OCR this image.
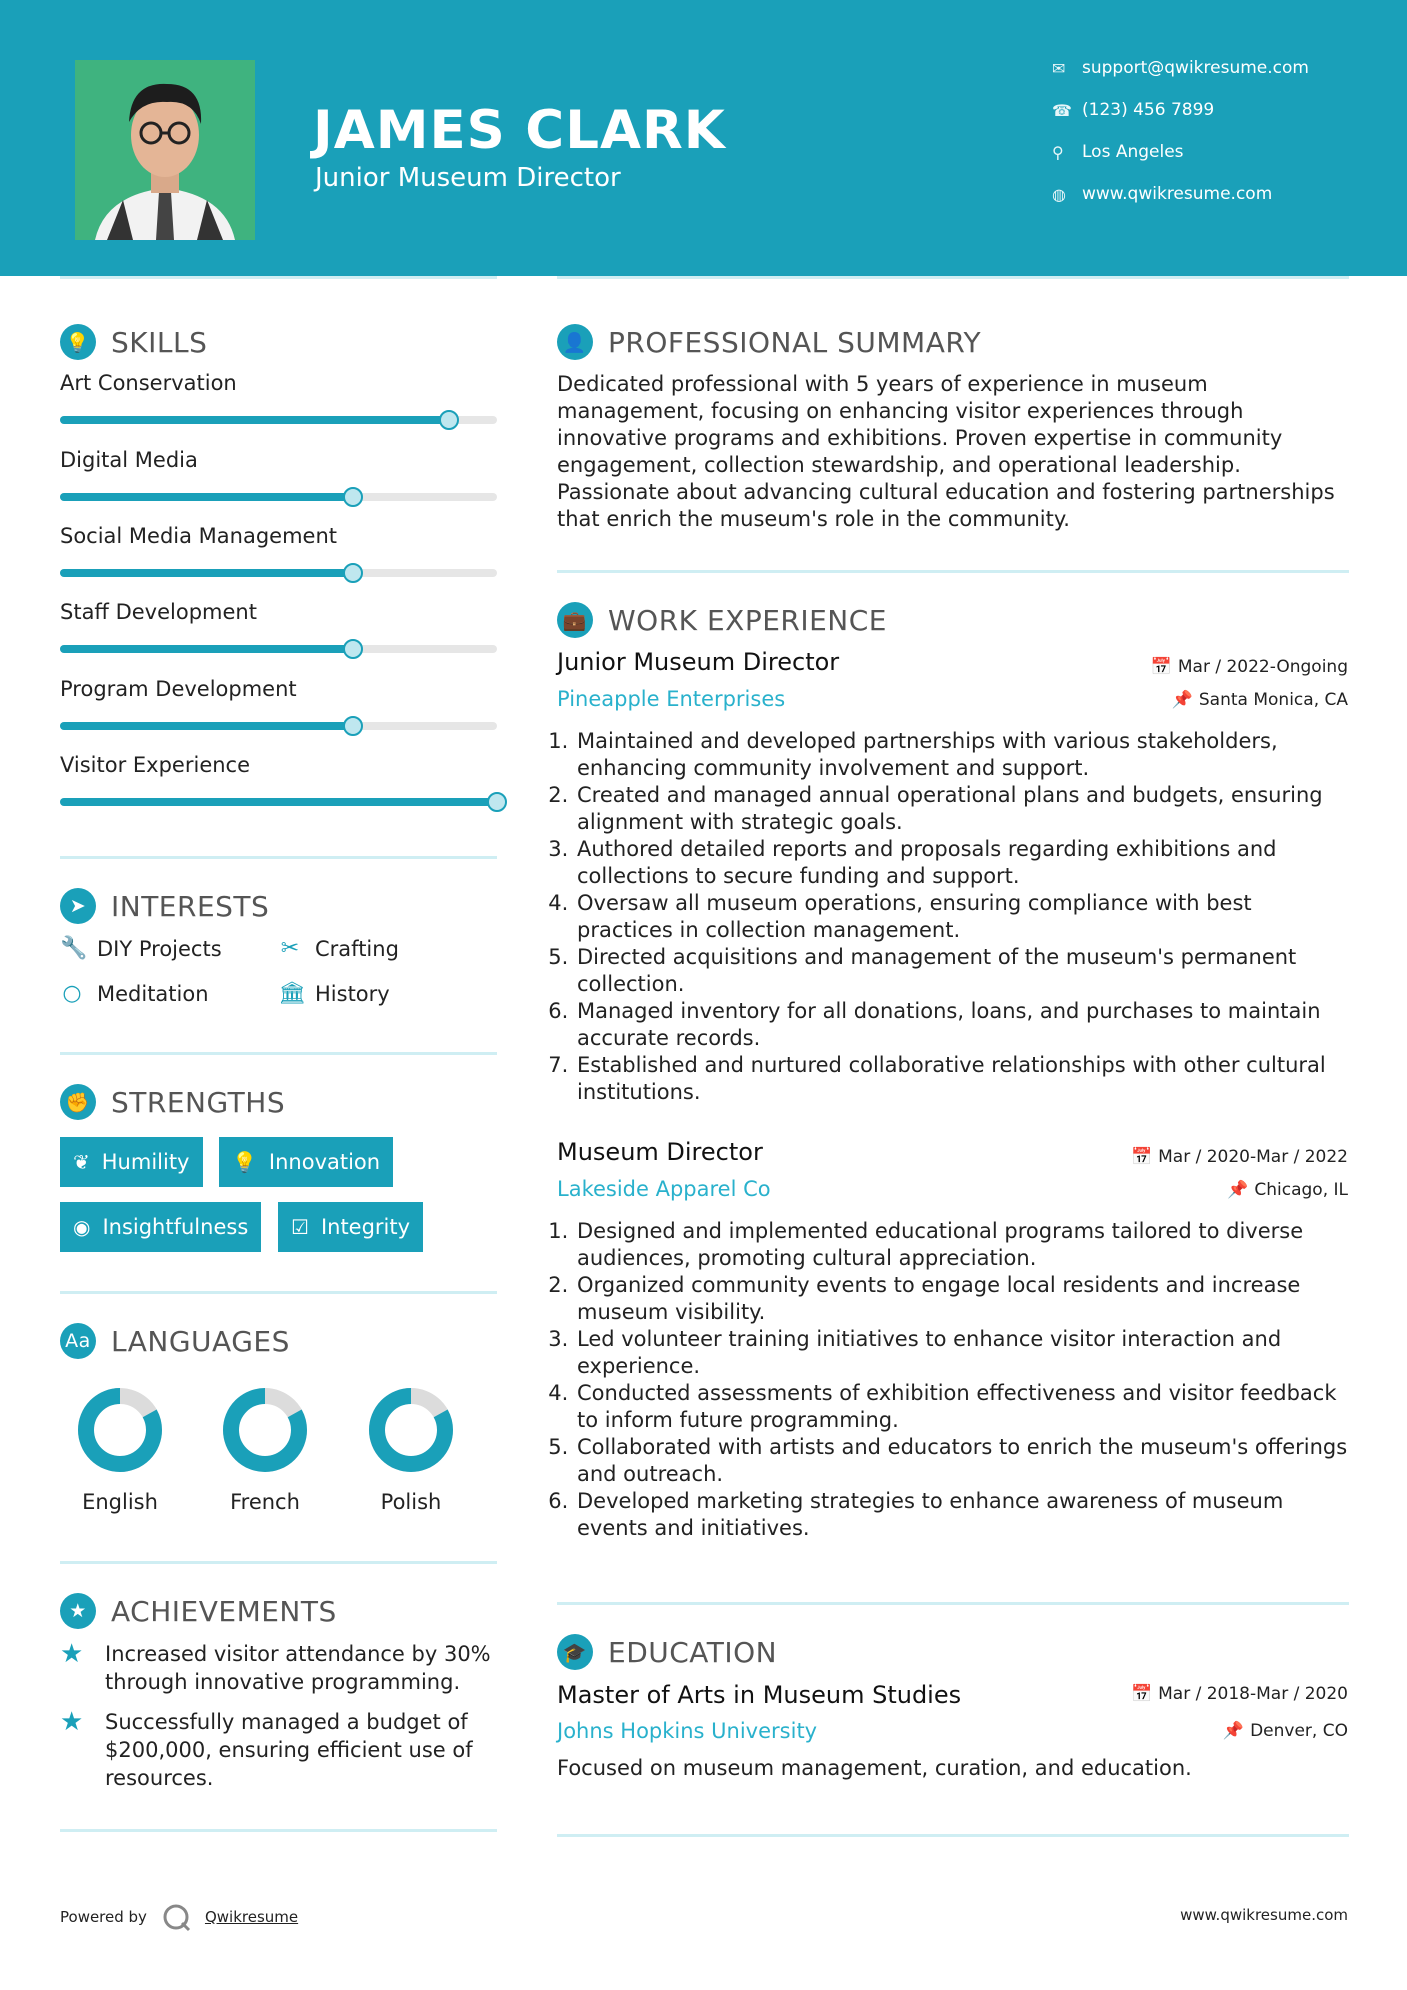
JAMES CLARK
Junior Museum Director
✉ support@qwikresume.com
☎ (123) 456 7899
⚲	Los Angeles
◍ www.qwikresume.com
💡 SKILLS
Art Conservation
Digital Media
Social Media Management
Staff Development
Program Development
Visitor Experience
➤ INTERESTS
🔧 DIY Projects	✂ Crafting
○ Meditation	🏛 History
✊ STRENGTHS
❦ Humility 💡 Innovation
◉ Insightfulness ☑ Integrity
Aa LANGUAGES
English	French	Polish
★ ACHIEVEMENTS
★	Increased visitor attendance by 30% through innovative programming.
★	Successfully managed a budget of $200,000, ensuring efficient use of resources.
👤 PROFESSIONAL SUMMARY
Dedicated professional with 5 years of experience in museum management, focusing on enhancing visitor experiences through innovative programs and exhibitions. Proven expertise in community engagement, collection stewardship, and operational leadership. Passionate about advancing cultural education and fostering partnerships that enrich the museum's role in the community.
💼 WORK EXPERIENCE
Junior Museum Director	📅 Mar / 2022-Ongoing
Pineapple Enterprises	📌 Santa Monica, CA
1. Maintained and developed partnerships with various stakeholders, enhancing community involvement and support.
2. Created and managed annual operational plans and budgets, ensuring alignment with strategic goals.
3. Authored detailed reports and proposals regarding exhibitions and collections to secure funding and support.
4. Oversaw all museum operations, ensuring compliance with best practices in collection management.
5. Directed acquisitions and management of the museum's permanent collection.
6. Managed inventory for all donations, loans, and purchases to maintain accurate records.
7. Established and nurtured collaborative relationships with other cultural institutions.
Museum Director	📅 Mar / 2020-Mar / 2022
Lakeside Apparel Co	📌 Chicago, IL
1. Designed and implemented educational programs tailored to diverse audiences, promoting cultural appreciation.
2. Organized community events to engage local residents and increase museum visibility.
3. Led volunteer training initiatives to enhance visitor interaction and experience.
4. Conducted assessments of exhibition effectiveness and visitor feedback to inform future programming.
5. Collaborated with artists and educators to enrich the museum's offerings and outreach.
6. Developed marketing strategies to enhance awareness of museum events and initiatives.
🎓 EDUCATION
Master of Arts in Museum Studies	📅 Mar / 2018-Mar / 2020
Johns Hopkins University	📌 Denver, CO
Focused on museum management, curation, and education.
Powered by	Qwikresume	www.qwikresume.com
